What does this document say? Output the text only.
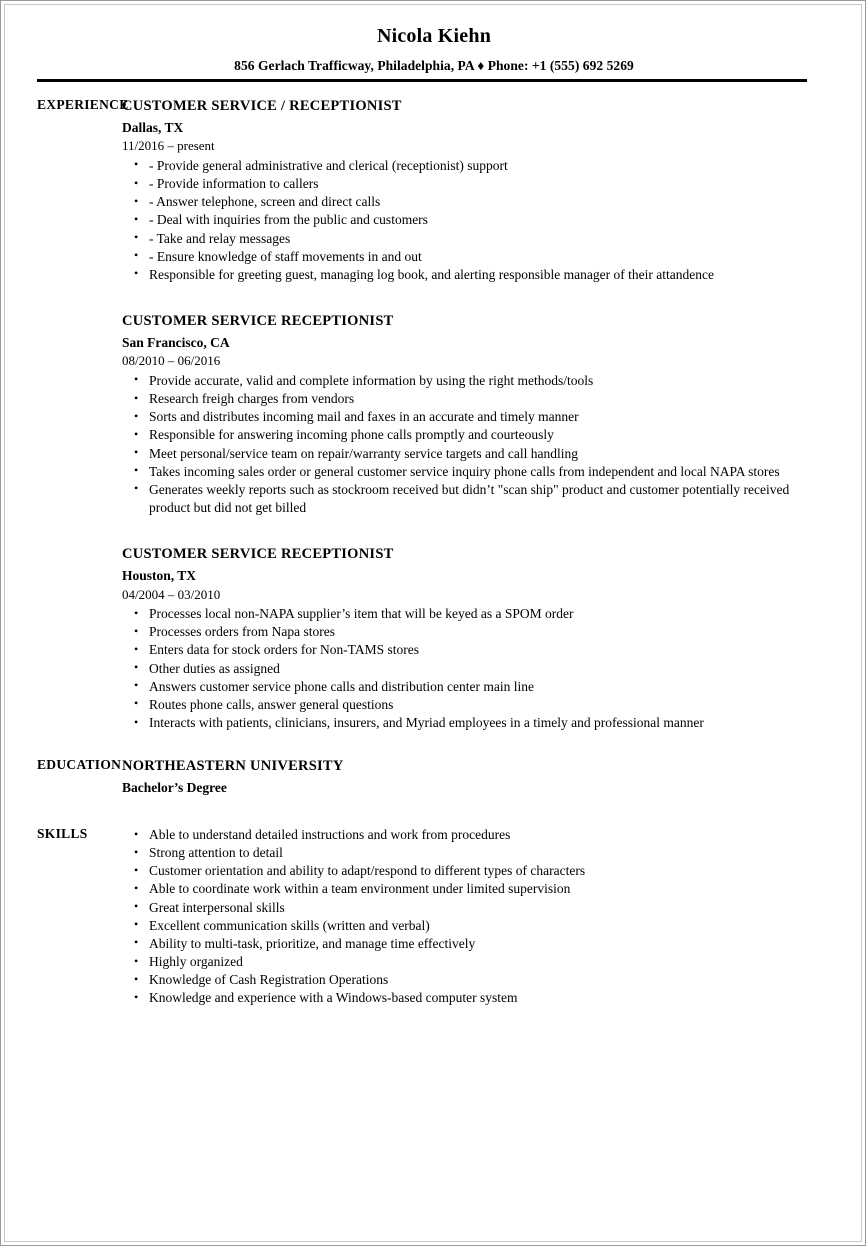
Nicola Kiehn
856 Gerlach Trafficway, Philadelphia, PA ♦ Phone: +1 (555) 692 5269
EXPERIENCE
CUSTOMER SERVICE / RECEPTIONIST
Dallas, TX
11/2016 – present
• - Provide general administrative and clerical (receptionist) support
• - Provide information to callers
• - Answer telephone, screen and direct calls
• - Deal with inquiries from the public and customers
• - Take and relay messages
• - Ensure knowledge of staff movements in and out
• Responsible for greeting guest, managing log book, and alerting responsible manager of their attandence
CUSTOMER SERVICE RECEPTIONIST
San Francisco, CA
08/2010 – 06/2016
• Provide accurate, valid and complete information by using the right methods/tools
• Research freigh charges from vendors
• Sorts and distributes incoming mail and faxes in an accurate and timely manner
• Responsible for answering incoming phone calls promptly and courteously
• Meet personal/service team on repair/warranty service targets and call handling
• Takes incoming sales order or general customer service inquiry phone calls from independent and local NAPA stores
• Generates weekly reports such as stockroom received but didn’t "scan ship" product and customer potentially received product but did not get billed
CUSTOMER SERVICE RECEPTIONIST
Houston, TX
04/2004 – 03/2010
• Processes local non-NAPA supplier’s item that will be keyed as a SPOM order
• Processes orders from Napa stores
• Enters data for stock orders for Non-TAMS stores
• Other duties as assigned
• Answers customer service phone calls and distribution center main line
• Routes phone calls, answer general questions
• Interacts with patients, clinicians, insurers, and Myriad employees in a timely and professional manner
EDUCATION NORTHEASTERN UNIVERSITY
Bachelor’s Degree
SKILLS	• Able to understand detailed instructions and work from procedures
• Strong attention to detail
• Customer orientation and ability to adapt/respond to different types of characters
• Able to coordinate work within a team environment under limited supervision
• Great interpersonal skills
• Excellent communication skills (written and verbal)
• Ability to multi-task, prioritize, and manage time effectively
• Highly organized
• Knowledge of Cash Registration Operations
• Knowledge and experience with a Windows-based computer system
